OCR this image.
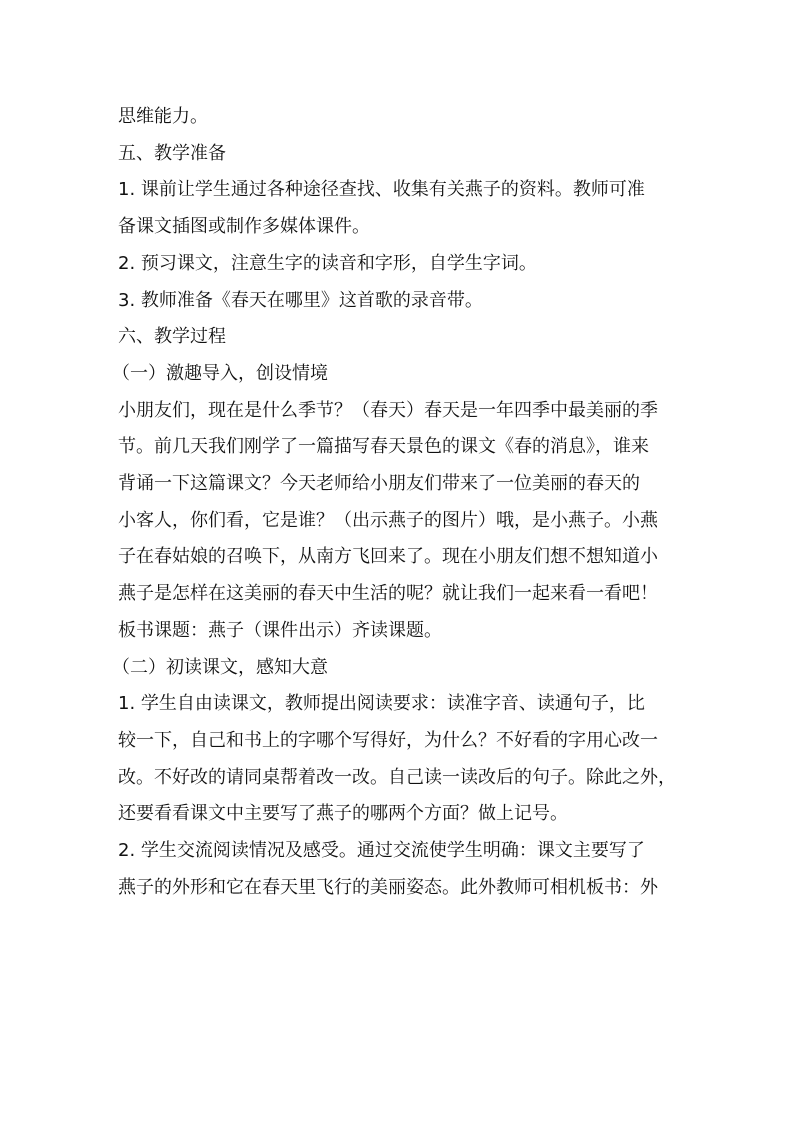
思维能力。

五、教学准备

1. 课前让学生通过各种途径查找、收集有关燕子的资料。教师可准

备课文插图或制作多媒体课件。

2. 预习课文，注意生字的读音和字形，自学生字词。

3. 教师准备《春天在哪里》这首歌的录音带。

六、教学过程

（一）激趣导入，创设情境

小朋友们，现在是什么季节？（春天）春天是一年四季中最美丽的季

节。前几天我们刚学了一篇描写春天景色的课文《春的消息》，谁来

背诵一下这篇课文？今天老师给小朋友们带来了一位美丽的春天的

小客人，你们看，它是谁？（出示燕子的图片）哦，是小燕子。小燕

子在春姑娘的召唤下，从南方飞回来了。现在小朋友们想不想知道小

燕子是怎样在这美丽的春天中生活的呢？就让我们一起来看一看吧！

板书课题：燕子（课件出示）齐读课题。

（二）初读课文，感知大意

1. 学生自由读课文，教师提出阅读要求：读准字音、读通句子，比

较一下，自己和书上的字哪个写得好，为什么？不好看的字用心改一

改。不好改的请同桌帮着改一改。自己读一读改后的句子。除此之外，

还要看看课文中主要写了燕子的哪两个方面？做上记号。

2. 学生交流阅读情况及感受。通过交流使学生明确：课文主要写了

燕子的外形和它在春天里飞行的美丽姿态。此外教师可相机板书：外
